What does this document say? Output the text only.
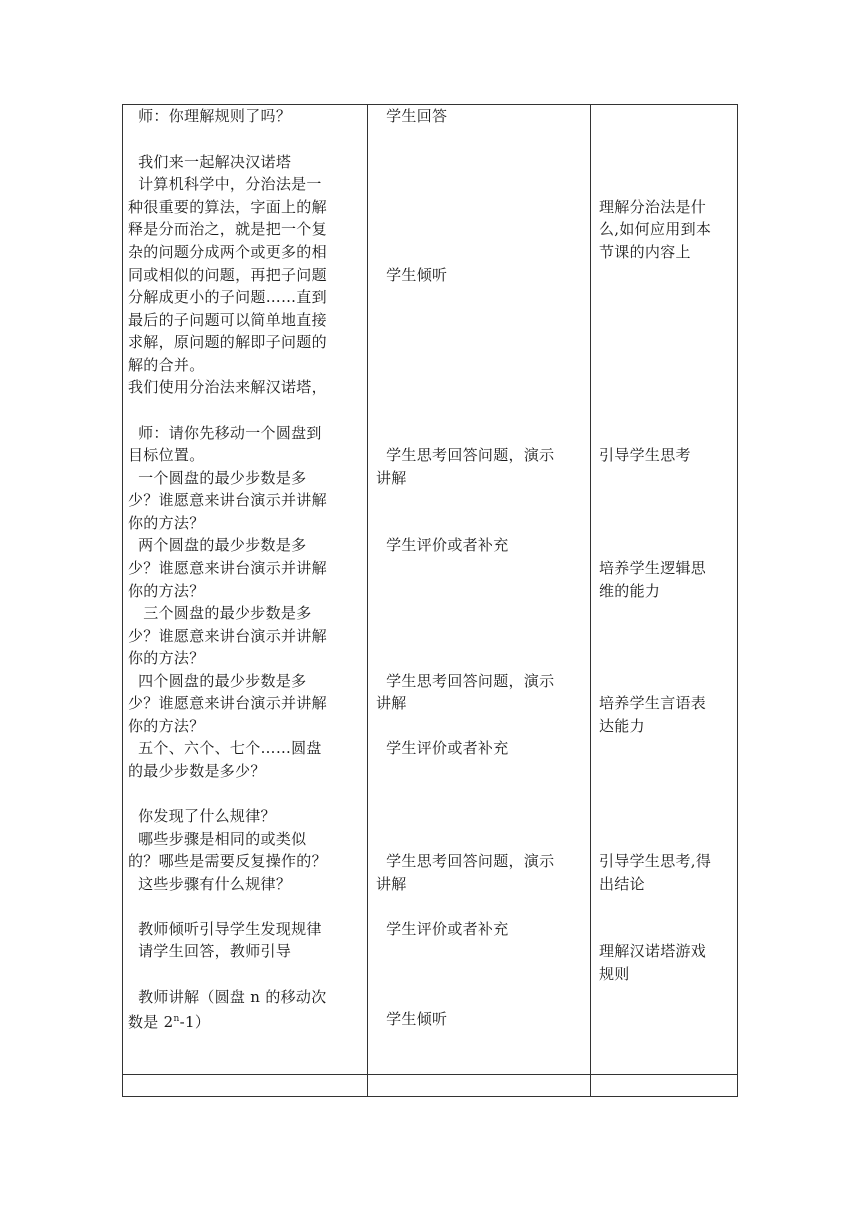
师：你理解规则了吗？
我们来一起解决汉诺塔
计算机科学中，分治法是一
种很重要的算法，字面上的解
释是分而治之，就是把一个复
杂的问题分成两个或更多的相
同或相似的问题，再把子问题
分解成更小的子问题……直到
最后的子问题可以简单地直接
求解，原问题的解即子问题的
解的合并。
我们使用分治法来解汉诺塔，
师：请你先移动一个圆盘到
目标位置。
一个圆盘的最少步数是多
少？谁愿意来讲台演示并讲解
你的方法？
两个圆盘的最少步数是多
少？谁愿意来讲台演示并讲解
你的方法？
三个圆盘的最少步数是多
少？谁愿意来讲台演示并讲解
你的方法？
四个圆盘的最少步数是多
少？谁愿意来讲台演示并讲解
你的方法？
五个、六个、七个……圆盘
的最少步数是多少？
你发现了什么规律？
哪些步骤是相同的或类似
的？哪些是需要反复操作的？
这些步骤有什么规律？
教师倾听引导学生发现规律
请学生回答，教师引导
教师讲解（圆盘 n 的移动次
数是 2$^n$-1）
学生回答
学生倾听
学生思考回答问题，演示
讲解
学生评价或者补充
学生思考回答问题，演示
讲解
学生评价或者补充
学生思考回答问题，演示
讲解
学生评价或者补充
学生倾听
理解分治法是什
么,如何应用到本
节课的内容上
引导学生思考
培养学生逻辑思
维的能力
培养学生言语表
达能力
引导学生思考,得
出结论
理解汉诺塔游戏
规则
